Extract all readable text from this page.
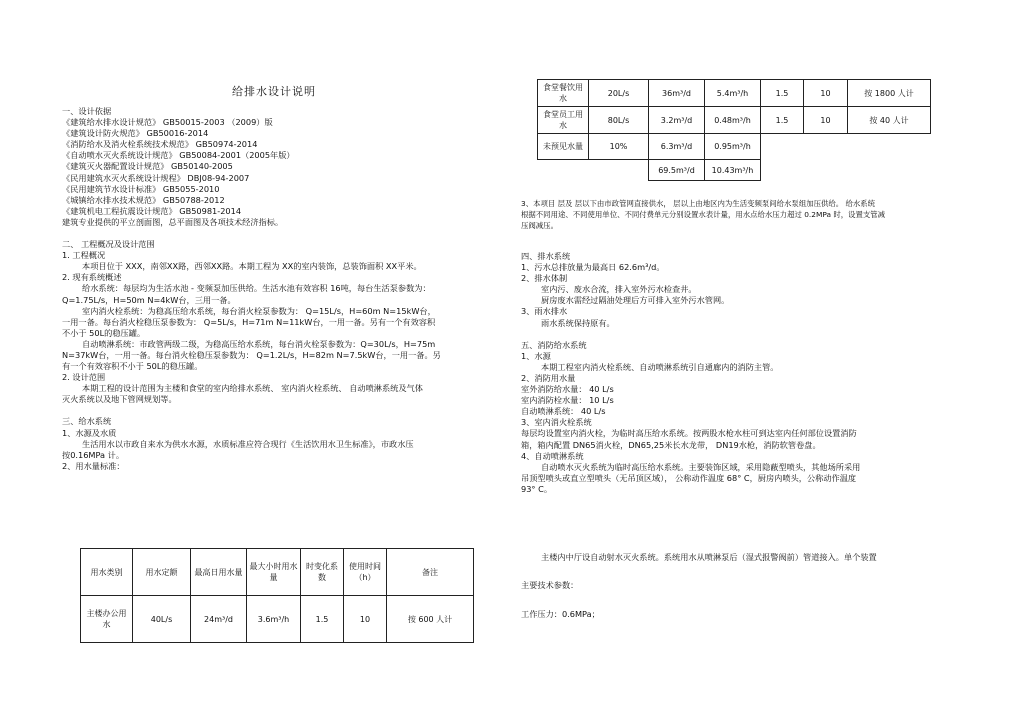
给排水设计说明
一、设计依据
《建筑给水排水设计规范》 GB50015-2003 （2009）版
《建筑设计防火规范》 GB50016-2014
《消防给水及消火栓系统技术规范》 GB50974-2014
《自动喷水灭火系统设计规范》 GB50084-2001（2005年版）
《建筑灭火器配置设计规范》 GB50140-2005
《民用建筑水灭火系统设计规程》 DBJ08-94-2007
《民用建筑节水设计标准》 GB5055-2010
《城镇给水排水技术规范》 GB50788-2012
《建筑机电工程抗震设计规范》 GB50981-2014
建筑专业提供的平立剖面图，总平面图及各项技术经济指标。
二、 工程概况及设计范围
1. 工程概况
本项目位于 XXX，南邻XX路，西邻XX路。本期工程为 XX的室内装饰，总装饰面积 XX平米。
2. 现有系统概述
给水系统：每层均为生活水池 - 变频泵加压供给。生活水池有效容积 16吨，每台生活泵参数为：
Q=1.75L/s，H=50m N=4kW台，三用一备。
室内消火栓系统：为稳高压给水系统，每台消火栓泵参数为： Q=15L/s，H=60m N=15kW台，
一用一备。每台消火栓稳压泵参数为： Q=5L/s，H=71m N=11kW台，一用一备。另有一个有效容积
不小于 50L的稳压罐。
自动喷淋系统：市政管两级二级，为稳高压给水系统，每台消火栓泵参数为：Q=30L/s，H=75m
N=37kW台，一用一备。每台消火栓稳压泵参数为： Q=1.2L/s，H=82m N=7.5kW台，一用一备。另
有一个有效容积不小于 50L的稳压罐。
2. 设计范围
本期工程的设计范围为主楼和食堂的室内给排水系统、 室内消火栓系统、 自动喷淋系统及气体
灭火系统以及地下管网规划等。
三、给水系统
1、水源及水质
生活用水以市政自来水为供水水源，水质标准应符合现行《生活饮用水卫生标准》，市政水压
按0.16MPa 计。
2、用水量标准：
用水类别	用水定额	最高日用水量	最大小时用水量	时变化系数	使用时间（h）	备注
主楼办公用水	40L/s	24m³/d	3.6m³/h	1.5	10	按 600 人计
食堂餐饮用水	20L/s	36m³/d	5.4m³/h	1.5	10	按 1800 人计
食堂员工用水	80L/s	3.2m³/d	0.48m³/h	1.5	10	按 40 人计
未预见水量	10%	6.3m³/d	0.95m³/h			
		69.5m³/d	10.43m³/h			
3、本项目 层及 层以下由市政管网直接供水， 层以上由地区内为生活变频泵间给水泵组加压供给。 给水系统
根据不同用途、不同使用单位、不同付费单元分别设置水表计量，用水点给水压力超过 0.2MPa 时，设置支管减
压阀减压。
四、排水系统
1、污水总排放量为最高日 62.6m³/d。
2、排水体制
室内污、废水合流，排入室外污水检查井。
厨房废水需经过隔油处理后方可排入室外污水管网。
3、雨水排水
雨水系统保持原有。
五、消防给水系统
1、水源
本期工程室内消火栓系统、自动喷淋系统引自通廊内的消防主管。
2、消防用水量
室外消防给水量： 40 L/s
室内消防栓水量： 10 L/s
自动喷淋系统： 40 L/s
3、室内消火栓系统
每层均设置室内消火栓，为临时高压给水系统。按两股水枪水柱可到达室内任何部位设置消防
箱，箱内配置 DN65消火栓，DN65,25米长水龙带， DN19水枪，消防软管卷盘。
4、自动喷淋系统
自动喷水灭火系统为临时高压给水系统。主要装饰区域，采用隐蔽型喷头，其他场所采用
吊顶型喷头或直立型喷头（无吊顶区域）， 公称动作温度 68° C，厨房内喷头，公称动作温度
93° C。
主楼内中厅设自动射水灭火系统。系统用水从喷淋泵后（湿式报警阀前）管道接入。单个装置
主要技术参数：
工作压力：0.6MPa；
